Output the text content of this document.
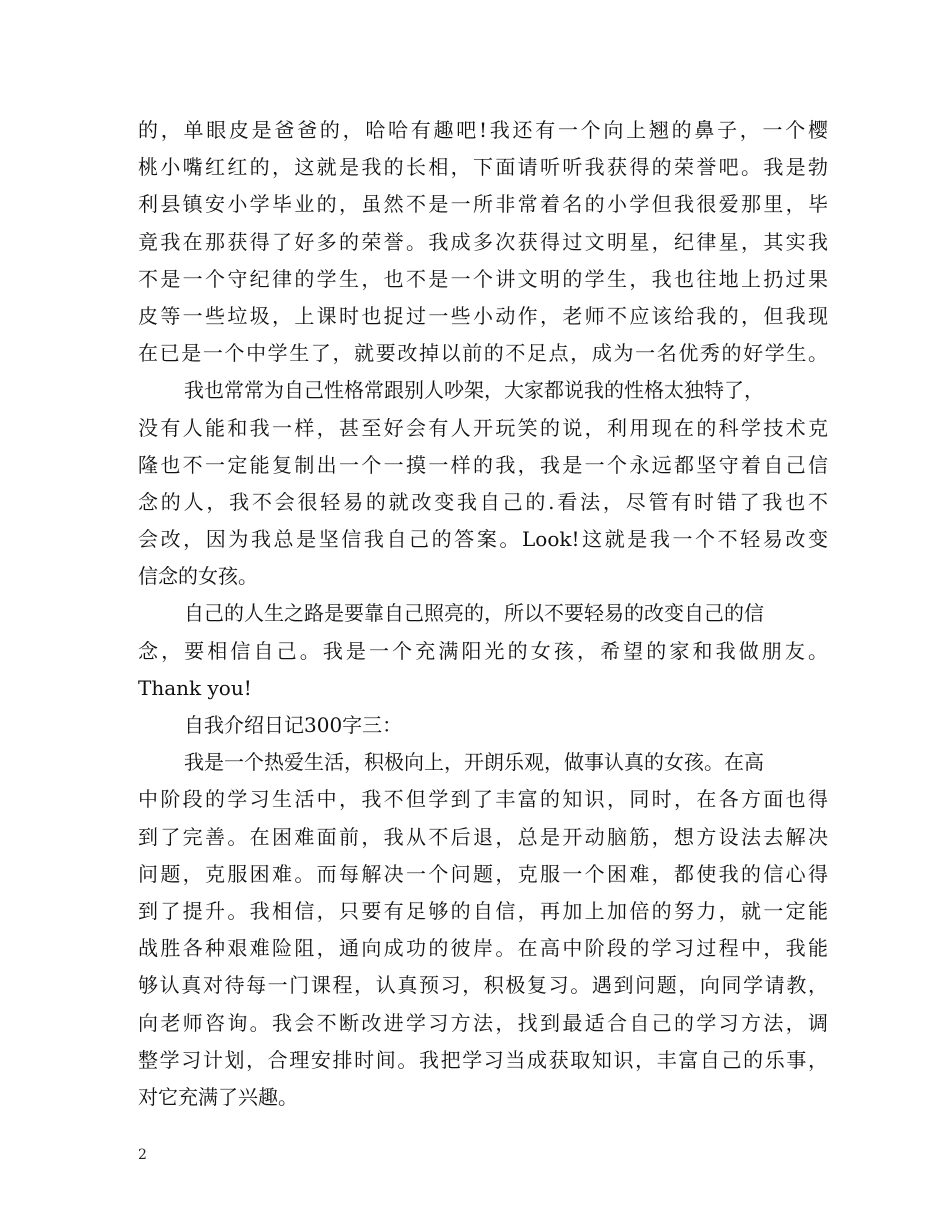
的，单眼皮是爸爸的，哈哈有趣吧!我还有一个向上翘的鼻子，一个樱
桃小嘴红红的，这就是我的长相，下面请听听我获得的荣誉吧。我是勃
利县镇安小学毕业的，虽然不是一所非常着名的小学但我很爱那里，毕
竟我在那获得了好多的荣誉。我成多次获得过文明星，纪律星，其实我
不是一个守纪律的学生，也不是一个讲文明的学生，我也往地上扔过果
皮等一些垃圾，上课时也捉过一些小动作，老师不应该给我的，但我现
在已是一个中学生了，就要改掉以前的不足点，成为一名优秀的好学生。
我也常常为自己性格常跟别人吵架，大家都说我的性格太独特了，
没有人能和我一样，甚至好会有人开玩笑的说，利用现在的科学技术克
隆也不一定能复制出一个一摸一样的我，我是一个永远都坚守着自己信
念的人，我不会很轻易的就改变我自己的.看法，尽管有时错了我也不
会改，因为我总是坚信我自己的答案。Look!这就是我一个不轻易改变
信念的女孩。
自己的人生之路是要靠自己照亮的，所以不要轻易的改变自己的信
念，要相信自己。我是一个充满阳光的女孩，希望的家和我做朋友。
Thank you!
自我介绍日记300字三：
我是一个热爱生活，积极向上，开朗乐观，做事认真的女孩。在高
中阶段的学习生活中，我不但学到了丰富的知识，同时，在各方面也得
到了完善。在困难面前，我从不后退，总是开动脑筋，想方设法去解决
问题，克服困难。而每解决一个问题，克服一个困难，都使我的信心得
到了提升。我相信，只要有足够的自信，再加上加倍的努力，就一定能
战胜各种艰难险阻，通向成功的彼岸。在高中阶段的学习过程中，我能
够认真对待每一门课程，认真预习，积极复习。遇到问题，向同学请教，
向老师咨询。我会不断改进学习方法，找到最适合自己的学习方法，调
整学习计划，合理安排时间。我把学习当成获取知识，丰富自己的乐事，
对它充满了兴趣。
2
